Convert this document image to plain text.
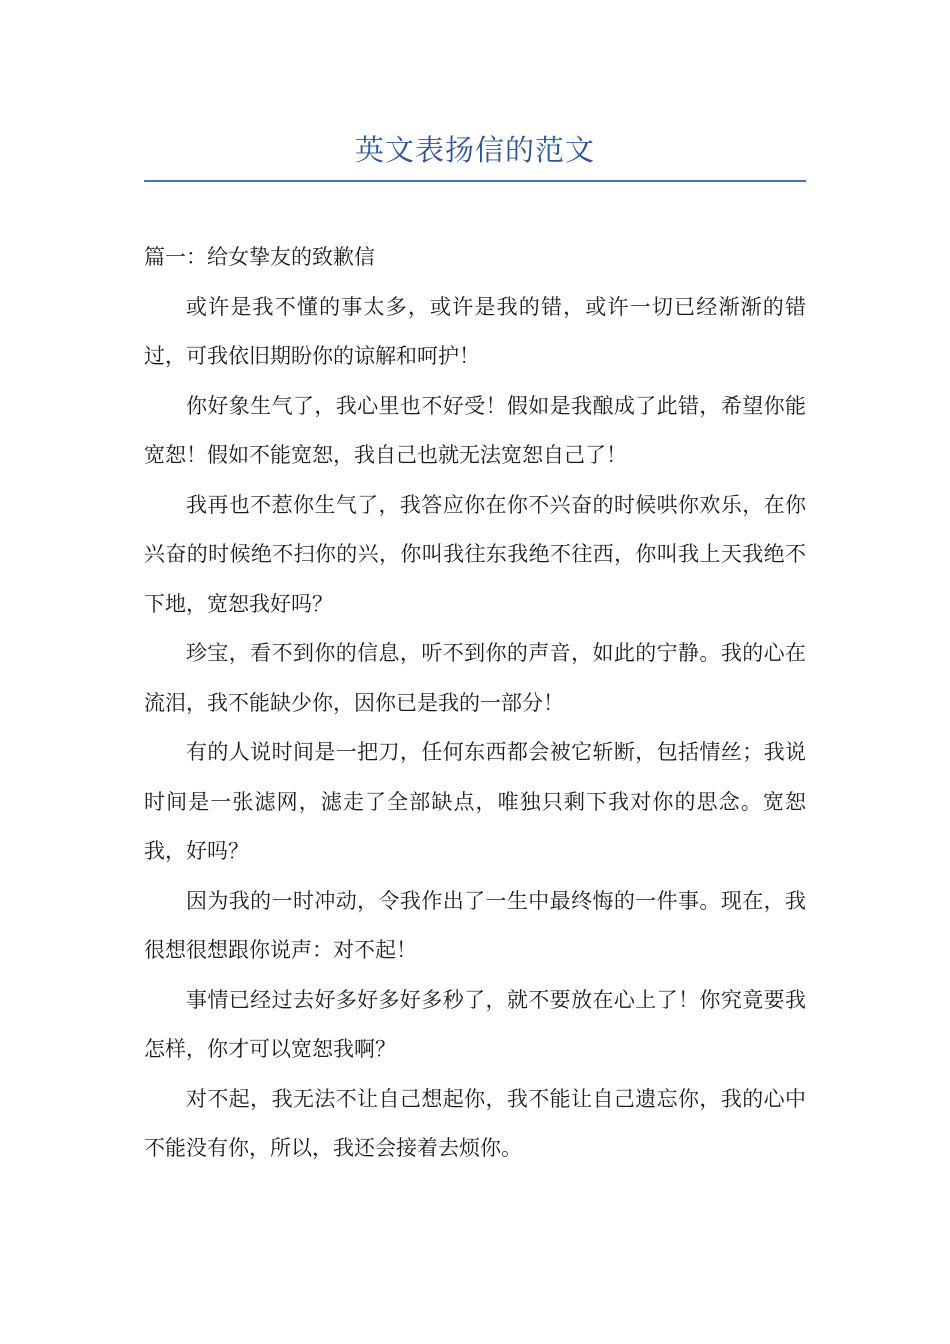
英文表扬信的范文

篇一：给女挚友的致歉信

或许是我不懂的事太多，或许是我的错，或许一切已经渐渐的错过，可我依旧期盼你的谅解和呵护！

你好象生气了，我心里也不好受！假如是我酿成了此错，希望你能宽恕！假如不能宽恕，我自己也就无法宽恕自己了！

我再也不惹你生气了，我答应你在你不兴奋的时候哄你欢乐，在你兴奋的时候绝不扫你的兴，你叫我往东我绝不往西，你叫我上天我绝不下地，宽恕我好吗？

珍宝，看不到你的信息，听不到你的声音，如此的宁静。我的心在流泪，我不能缺少你，因你已是我的一部分！

有的人说时间是一把刀，任何东西都会被它斩断，包括情丝；我说时间是一张滤网，滤走了全部缺点，唯独只剩下我对你的思念。宽恕我，好吗？

因为我的一时冲动，令我作出了一生中最终悔的一件事。现在，我很想很想跟你说声：对不起！

事情已经过去好多好多好多秒了，就不要放在心上了！你究竟要我怎样，你才可以宽恕我啊？

对不起，我无法不让自己想起你，我不能让自己遗忘你，我的心中不能没有你，所以，我还会接着去烦你。
